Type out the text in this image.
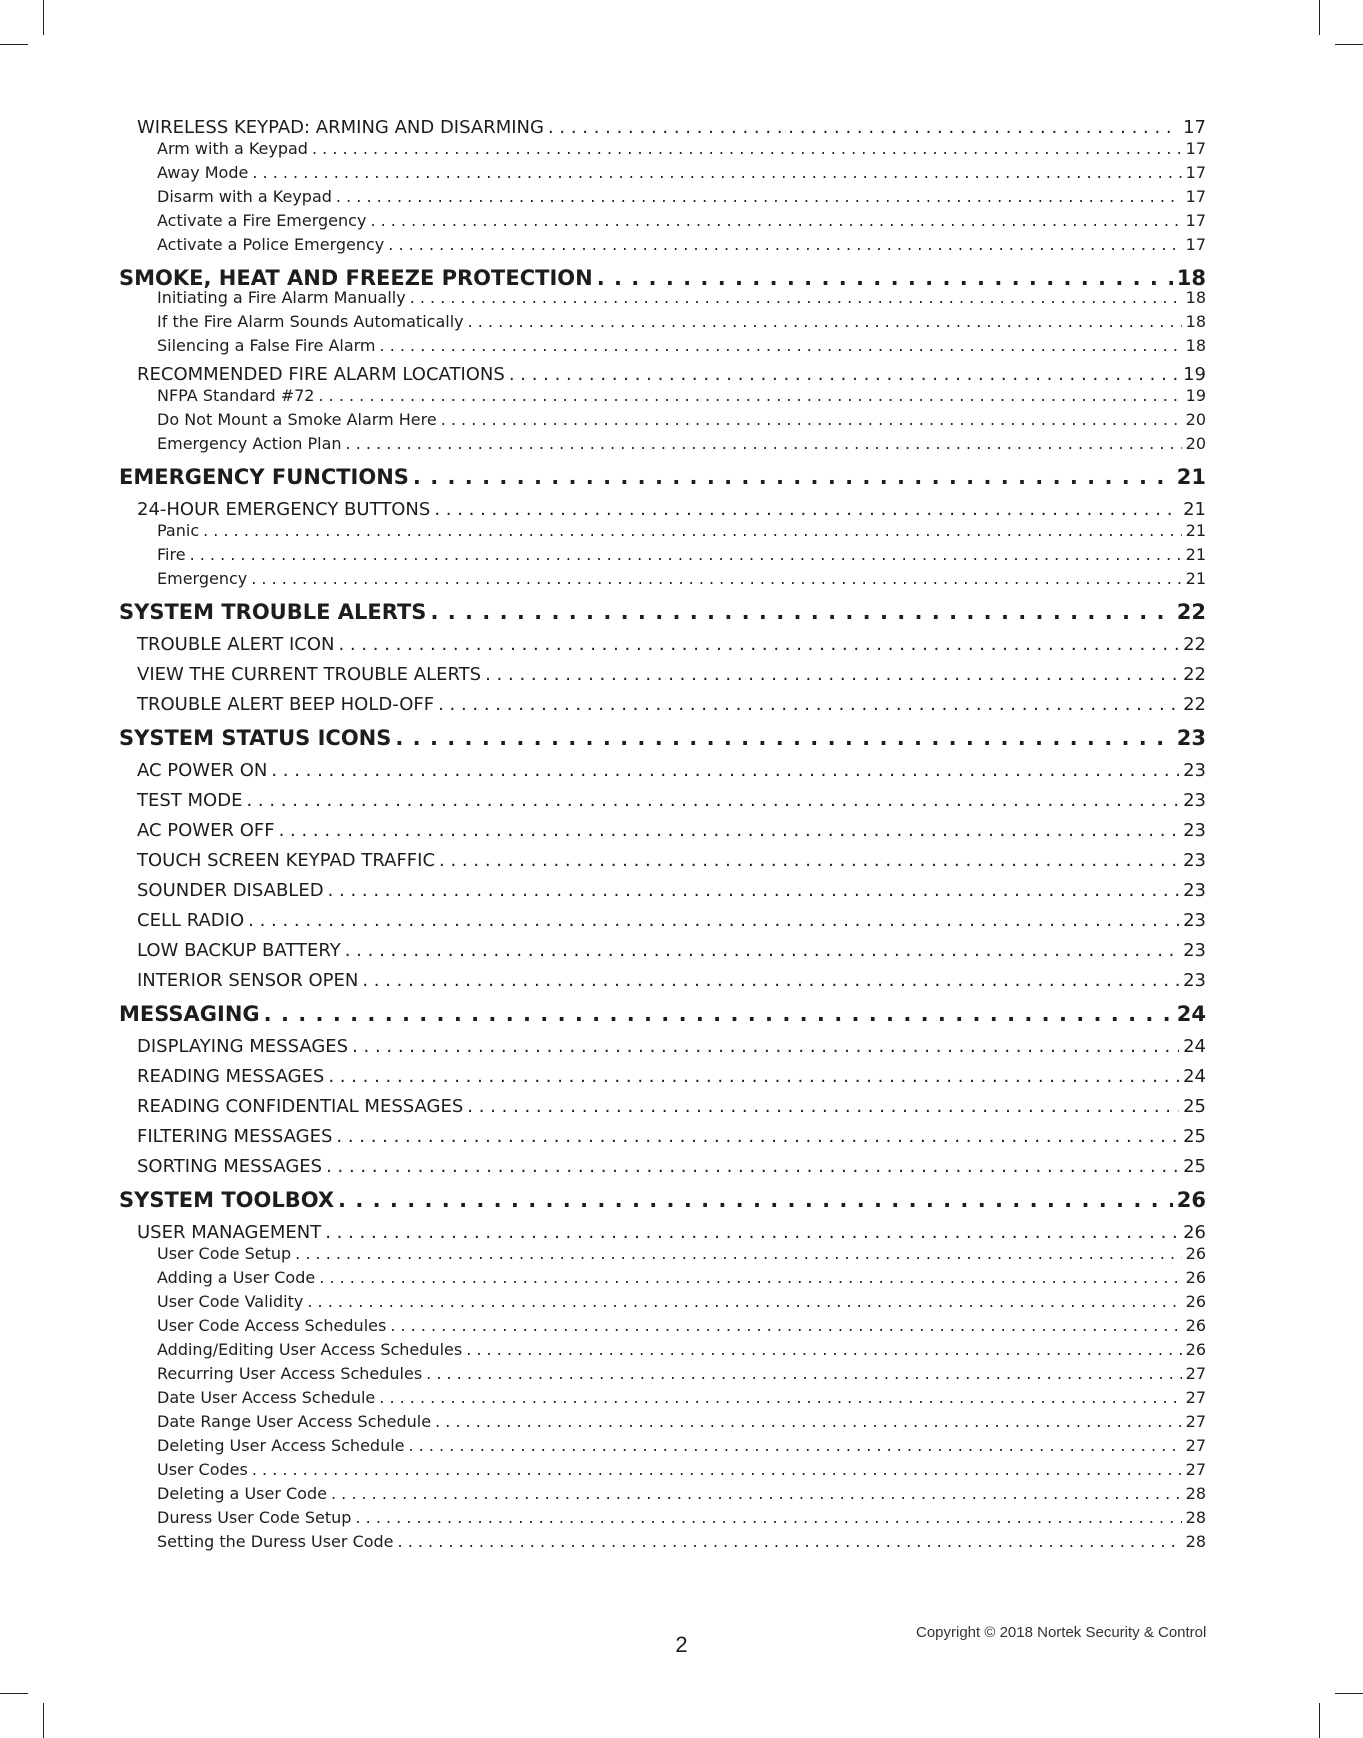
WIRELESS KEYPAD: ARMING AND DISARMING . . .	17
Arm with a Keypad . . .	17
Away Mode . . .	17
Disarm with a Keypad . . .	17
Activate a Fire Emergency . . .	17
Activate a Police Emergency . . .	17
SMOKE, HEAT AND FREEZE PROTECTION . . .	18
Initiating a Fire Alarm Manually . . .	18
If the Fire Alarm Sounds Automatically . . .	18
Silencing a False Fire Alarm . . .	18
RECOMMENDED FIRE ALARM LOCATIONS . . .	19
NFPA Standard #72 . . .	19
Do Not Mount a Smoke Alarm Here . . .	20
Emergency Action Plan . . .	20
EMERGENCY FUNCTIONS . . .	21
24-HOUR EMERGENCY BUTTONS . . .	21
Panic . . .	21
Fire . . .	21
Emergency . . .	21
SYSTEM TROUBLE ALERTS . . .	22
TROUBLE ALERT ICON . . .	22
VIEW THE CURRENT TROUBLE ALERTS . . .	22
TROUBLE ALERT BEEP HOLD-OFF . . .	22
SYSTEM STATUS ICONS . . .	23
AC POWER ON . . .	23
TEST MODE . . .	23
AC POWER OFF . . .	23
TOUCH SCREEN KEYPAD TRAFFIC . . .	23
SOUNDER DISABLED . . .	23
CELL RADIO . . .	23
LOW BACKUP BATTERY . . .	23
INTERIOR SENSOR OPEN . . .	23
MESSAGING . . .	24
DISPLAYING MESSAGES . . .	24
READING MESSAGES . . .	24
READING CONFIDENTIAL MESSAGES . . .	25
FILTERING MESSAGES . . .	25
SORTING MESSAGES . . .	25
SYSTEM TOOLBOX . . .	26
USER MANAGEMENT . . .	26
User Code Setup . . .	26
Adding a User Code . . .	26
User Code Validity . . .	26
User Code Access Schedules . . .	26
Adding/Editing User Access Schedules . . .	26
Recurring User Access Schedules . . .	27
Date User Access Schedule . . .	27
Date Range User Access Schedule . . .	27
Deleting User Access Schedule . . .	27
User Codes . . .	27
Deleting a User Code . . .	28
Duress User Code Setup . . .	28
Setting the Duress User Code . . .	28
Copyright © 2018 Nortek Security & Control
2
